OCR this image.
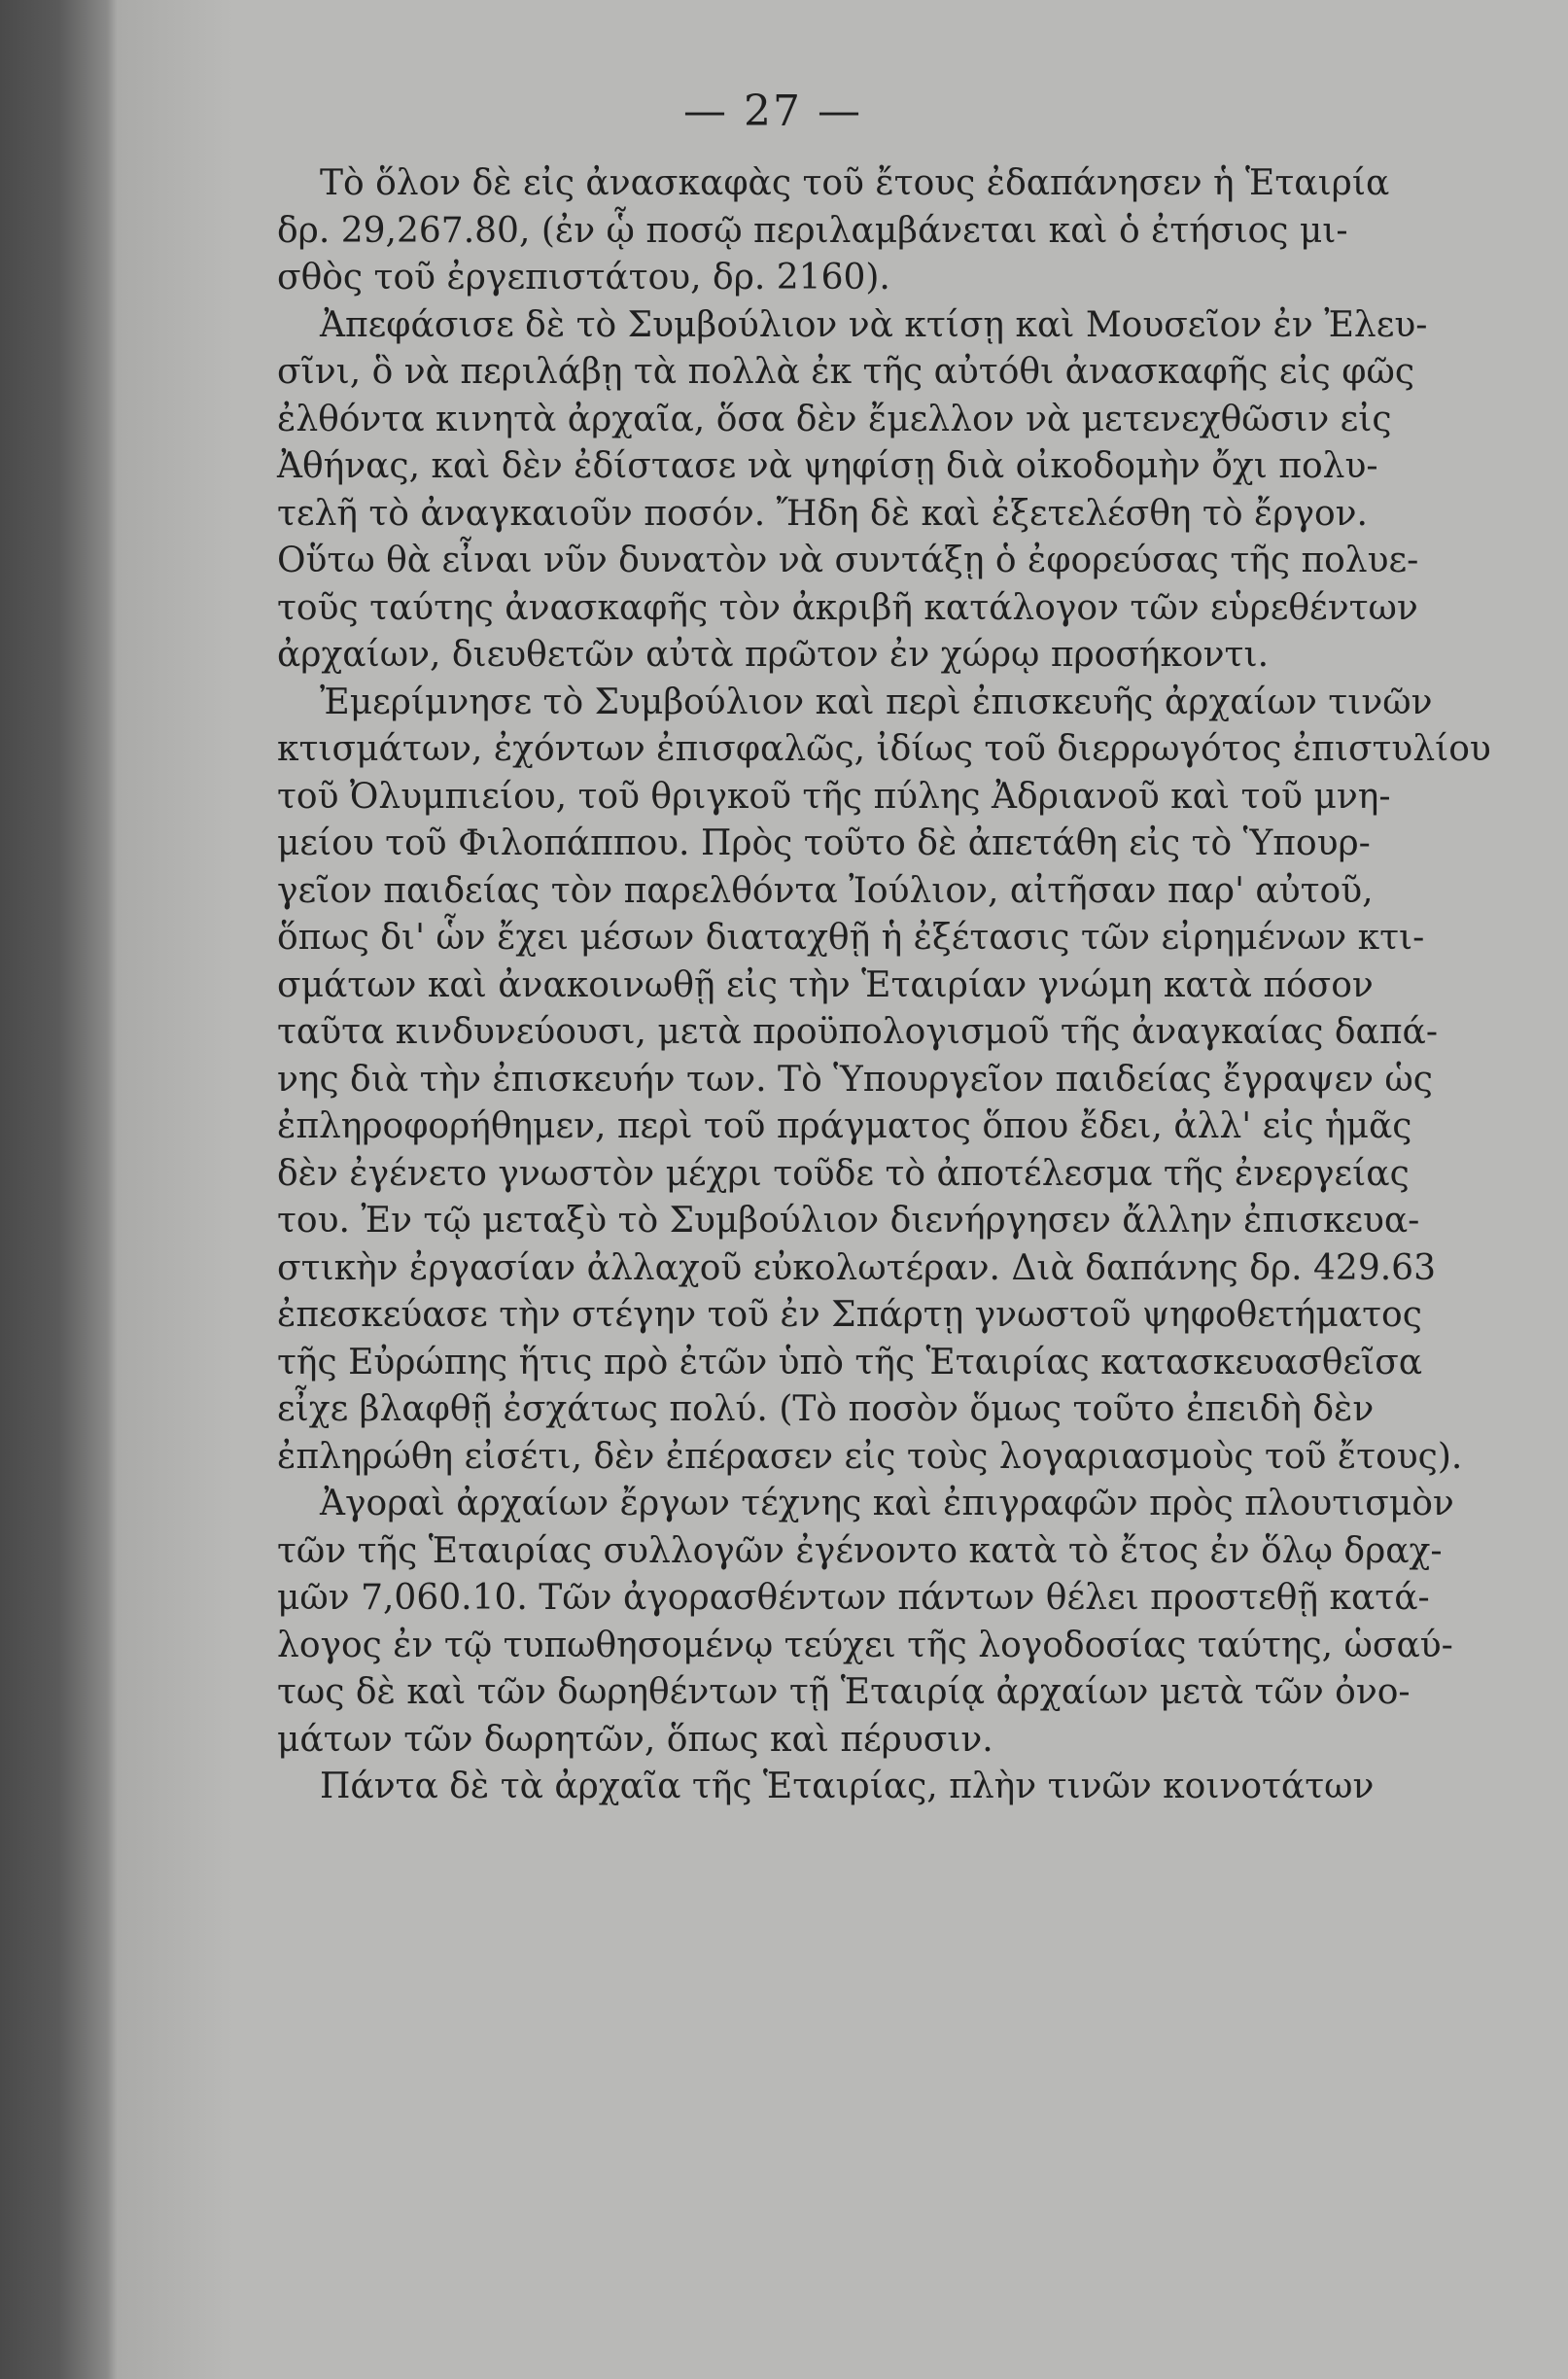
— 27 —
Τὸ ὅλον δὲ εἰς ἀνασκαφὰς τοῦ ἔτους ἐδαπάνησεν ἡ Ἑταιρία
δρ. 29,267.80, (ἐν ᾧ ποσῷ περιλαμβάνεται καὶ ὁ ἐτήσιος μι-
σθὸς τοῦ ἐργεπιστάτου, δρ. 2160).
Ἀπεφάσισε δὲ τὸ Συμβούλιον νὰ κτίσῃ καὶ Μουσεῖον ἐν Ἐλευ-
σῖνι, ὃ νὰ περιλάβῃ τὰ πολλὰ ἐκ τῆς αὐτόθι ἀνασκαφῆς εἰς φῶς
ἐλθόντα κινητὰ ἀρχαῖα, ὅσα δὲν ἔμελλον νὰ μετενεχθῶσιν εἰς
Ἀθήνας, καὶ δὲν ἐδίστασε νὰ ψηφίσῃ διὰ οἰκοδομὴν ὄχι πολυ-
τελῆ τὸ ἀναγκαιοῦν ποσόν. Ἤδη δὲ καὶ ἐξετελέσθη τὸ ἔργον.
Οὕτω θὰ εἶναι νῦν δυνατὸν νὰ συντάξῃ ὁ ἐφορεύσας τῆς πολυε-
τοῦς ταύτης ἀνασκαφῆς τὸν ἀκριβῆ κατάλογον τῶν εὑρεθέντων
ἀρχαίων, διευθετῶν αὐτὰ πρῶτον ἐν χώρῳ προσήκοντι.
Ἐμερίμνησε τὸ Συμβούλιον καὶ περὶ ἐπισκευῆς ἀρχαίων τινῶν
κτισμάτων, ἐχόντων ἐπισφαλῶς, ἰδίως τοῦ διερρωγότος ἐπιστυλίου
τοῦ Ὀλυμπιείου, τοῦ θριγκοῦ τῆς πύλης Ἀδριανοῦ καὶ τοῦ μνη-
μείου τοῦ Φιλοπάππου. Πρὸς τοῦτο δὲ ἀπετάθη εἰς τὸ Ὑπουρ-
γεῖον παιδείας τὸν παρελθόντα Ἰούλιον, αἰτῆσαν παρ' αὐτοῦ,
ὅπως δι' ὧν ἔχει μέσων διαταχθῇ ἡ ἐξέτασις τῶν εἰρημένων κτι-
σμάτων καὶ ἀνακοινωθῇ εἰς τὴν Ἑταιρίαν γνώμη κατὰ πόσον
ταῦτα κινδυνεύουσι, μετὰ προϋπολογισμοῦ τῆς ἀναγκαίας δαπά-
νης διὰ τὴν ἐπισκευήν των. Τὸ Ὑπουργεῖον παιδείας ἔγραψεν ὡς
ἐπληροφορήθημεν, περὶ τοῦ πράγματος ὅπου ἔδει, ἀλλ' εἰς ἡμᾶς
δὲν ἐγένετο γνωστὸν μέχρι τοῦδε τὸ ἀποτέλεσμα τῆς ἐνεργείας
του. Ἐν τῷ μεταξὺ τὸ Συμβούλιον διενήργησεν ἄλλην ἐπισκευα-
στικὴν ἐργασίαν ἀλλαχοῦ εὐκολωτέραν. Διὰ δαπάνης δρ. 429.63
ἐπεσκεύασε τὴν στέγην τοῦ ἐν Σπάρτῃ γνωστοῦ ψηφοθετήματος
τῆς Εὐρώπης ἥτις πρὸ ἐτῶν ὑπὸ τῆς Ἑταιρίας κατασκευασθεῖσα
εἶχε βλαφθῇ ἐσχάτως πολύ. (Τὸ ποσὸν ὅμως τοῦτο ἐπειδὴ δὲν
ἐπληρώθη εἰσέτι, δὲν ἐπέρασεν εἰς τοὺς λογαριασμοὺς τοῦ ἔτους).
Ἀγοραὶ ἀρχαίων ἔργων τέχνης καὶ ἐπιγραφῶν πρὸς πλουτισμὸν
τῶν τῆς Ἑταιρίας συλλογῶν ἐγένοντο κατὰ τὸ ἔτος ἐν ὅλῳ δραχ-
μῶν 7,060.10. Τῶν ἀγορασθέντων πάντων θέλει προστεθῇ κατά-
λογος ἐν τῷ τυπωθησομένῳ τεύχει τῆς λογοδοσίας ταύτης, ὡσαύ-
τως δὲ καὶ τῶν δωρηθέντων τῇ Ἑταιρίᾳ ἀρχαίων μετὰ τῶν ὀνο-
μάτων τῶν δωρητῶν, ὅπως καὶ πέρυσιν.
Πάντα δὲ τὰ ἀρχαῖα τῆς Ἑταιρίας, πλὴν τινῶν κοινοτάτων
